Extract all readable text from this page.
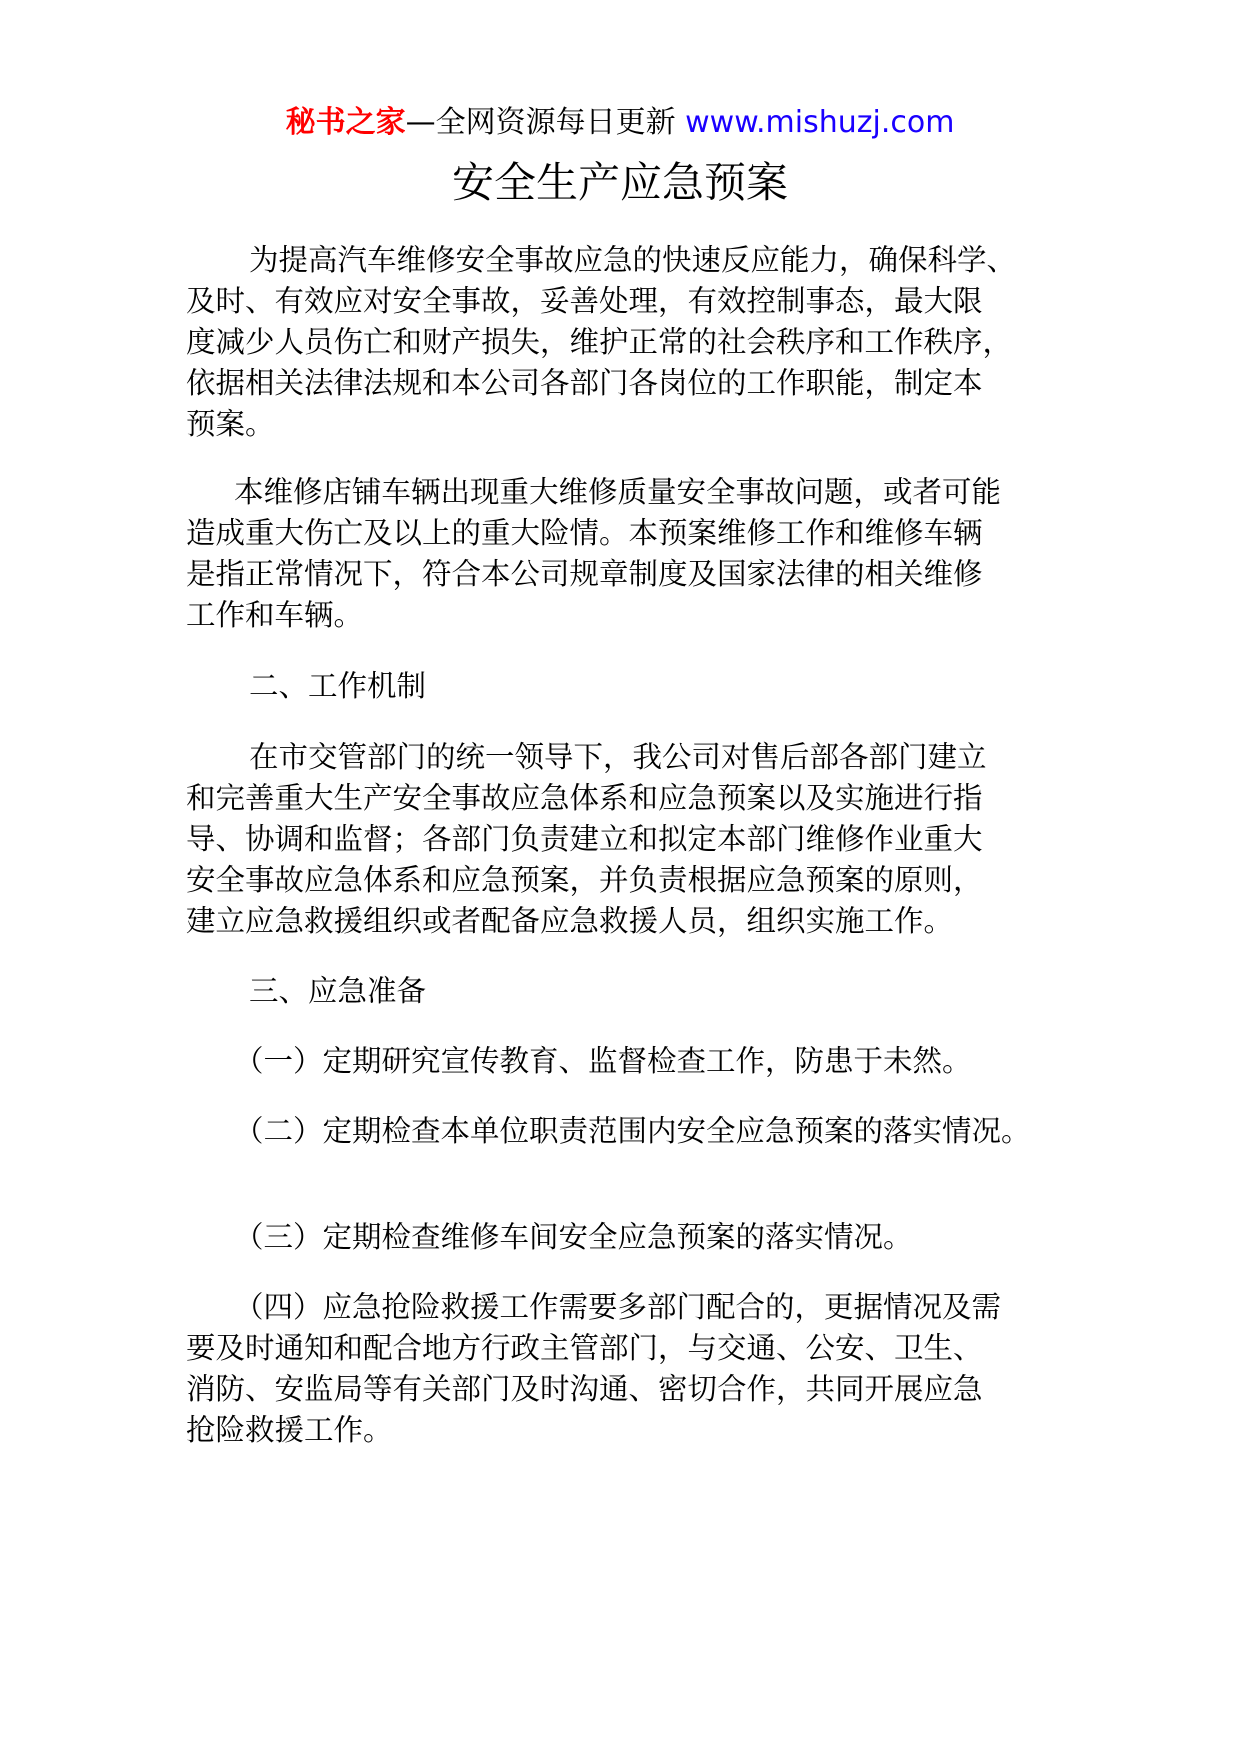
秘书之家—全网资源每日更新 www.mishuzj.com
安全生产应急预案

为提高汽车维修安全事故应急的快速反应能力，确保科学、
及时、有效应对安全事故，妥善处理，有效控制事态，最大限
度减少人员伤亡和财产损失，维护正常的社会秩序和工作秩序，
依据相关法律法规和本公司各部门各岗位的工作职能，制定本
预案。

本维修店铺车辆出现重大维修质量安全事故问题，或者可能
造成重大伤亡及以上的重大险情。本预案维修工作和维修车辆
是指正常情况下，符合本公司规章制度及国家法律的相关维修
工作和车辆。

二、工作机制

在市交管部门的统一领导下，我公司对售后部各部门建立
和完善重大生产安全事故应急体系和应急预案以及实施进行指
导、协调和监督；各部门负责建立和拟定本部门维修作业重大
安全事故应急体系和应急预案，并负责根据应急预案的原则，
建立应急救援组织或者配备应急救援人员，组织实施工作。

三、应急准备

（一）定期研究宣传教育、监督检查工作，防患于未然。

（二）定期检查本单位职责范围内安全应急预案的落实情况。

（三）定期检查维修车间安全应急预案的落实情况。

（四）应急抢险救援工作需要多部门配合的，更据情况及需
要及时通知和配合地方行政主管部门，与交通、公安、卫生、
消防、安监局等有关部门及时沟通、密切合作，共同开展应急
抢险救援工作。
